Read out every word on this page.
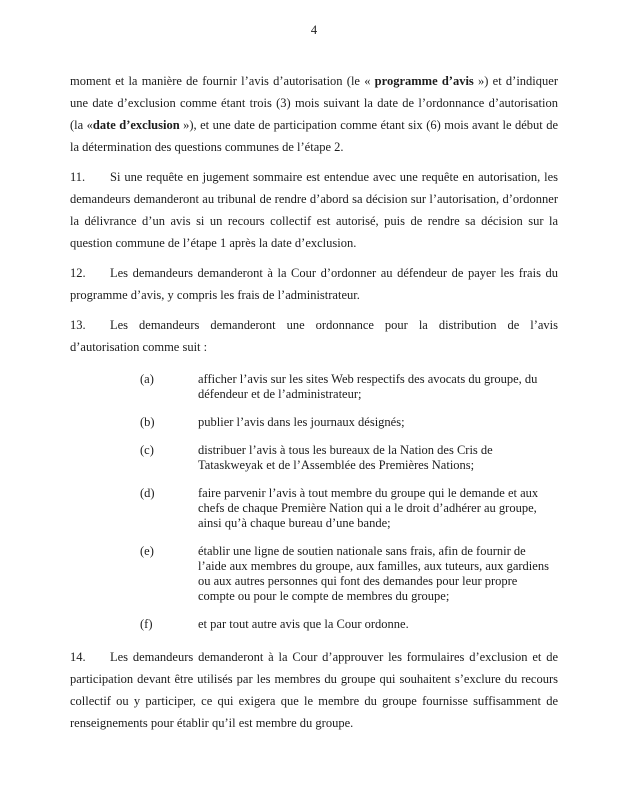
4

moment et la manière de fournir l’avis d’autorisation (le « programme d’avis ») et d’indiquer une date d’exclusion comme étant trois (3) mois suivant la date de l’ordonnance d’autorisation (la «date d’exclusion »), et une date de participation comme étant six (6) mois avant le début de la détermination des questions communes de l’étape 2.

11. Si une requête en jugement sommaire est entendue avec une requête en autorisation, les demandeurs demanderont au tribunal de rendre d’abord sa décision sur l’autorisation, d’ordonner la délivrance d’un avis si un recours collectif est autorisé, puis de rendre sa décision sur la question commune de l’étape 1 après la date d’exclusion.

12. Les demandeurs demanderont à la Cour d’ordonner au défendeur de payer les frais du programme d’avis, y compris les frais de l’administrateur.

13. Les demandeurs demanderont une ordonnance pour la distribution de l’avis d’autorisation comme suit :

(a)	afficher l’avis sur les sites Web respectifs des avocats du groupe, du défendeur et de l’administrateur;
(b)	publier l’avis dans les journaux désignés;
(c)	distribuer l’avis à tous les bureaux de la Nation des Cris de Tataskweyak et de l’Assemblée des Premières Nations;
(d)	faire parvenir l’avis à tout membre du groupe qui le demande et aux chefs de chaque Première Nation qui a le droit d’adhérer au groupe, ainsi qu’à chaque bureau d’une bande;
(e)	établir une ligne de soutien nationale sans frais, afin de fournir de l’aide aux membres du groupe, aux familles, aux tuteurs, aux gardiens ou aux autres personnes qui font des demandes pour leur propre compte ou pour le compte de membres du groupe;
(f)	et par tout autre avis que la Cour ordonne.

14. Les demandeurs demanderont à la Cour d’approuver les formulaires d’exclusion et de participation devant être utilisés par les membres du groupe qui souhaitent s’exclure du recours collectif ou y participer, ce qui exigera que le membre du groupe fournisse suffisamment de renseignements pour établir qu’il est membre du groupe.
